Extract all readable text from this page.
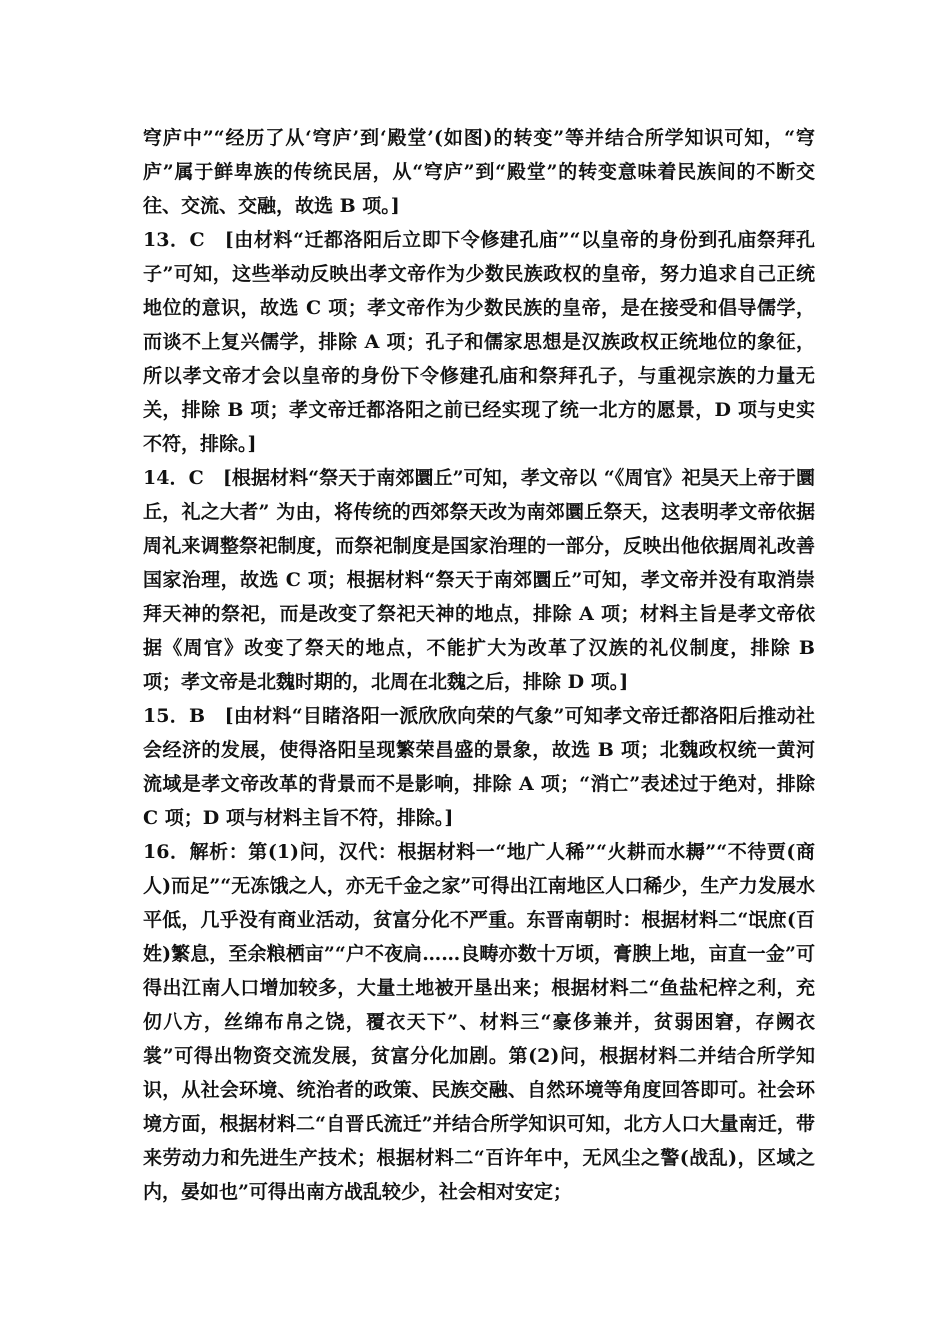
穹庐中”“经历了从‘穹庐’到‘殿堂’(如图)的转变”等并结合所学知识可知，“穹庐”属于鲜卑族的传统民居，从“穹庐”到“殿堂”的转变意味着民族间的不断交往、交流、交融，故选 B 项。]

13．C　[由材料“迁都洛阳后立即下令修建孔庙”“以皇帝的身份到孔庙祭拜孔子”可知，这些举动反映出孝文帝作为少数民族政权的皇帝，努力追求自己正统地位的意识，故选 C 项；孝文帝作为少数民族的皇帝，是在接受和倡导儒学，而谈不上复兴儒学，排除 A 项；孔子和儒家思想是汉族政权正统地位的象征，所以孝文帝才会以皇帝的身份下令修建孔庙和祭拜孔子，与重视宗族的力量无关，排除 B 项；孝文帝迁都洛阳之前已经实现了统一北方的愿景，D 项与史实不符，排除。]

14．C　[根据材料“祭天于南郊圜丘”可知，孝文帝以 “《周官》祀昊天上帝于圜丘，礼之大者” 为由，将传统的西郊祭天改为南郊圜丘祭天，这表明孝文帝依据周礼来调整祭祀制度，而祭祀制度是国家治理的一部分，反映出他依据周礼改善国家治理，故选 C 项；根据材料“祭天于南郊圜丘”可知，孝文帝并没有取消崇拜天神的祭祀，而是改变了祭祀天神的地点，排除 A 项；材料主旨是孝文帝依据《周官》改变了祭天的地点，不能扩大为改革了汉族的礼仪制度，排除 B 项；孝文帝是北魏时期的，北周在北魏之后，排除 D 项。]

15．B　[由材料“目睹洛阳一派欣欣向荣的气象”可知孝文帝迁都洛阳后推动社会经济的发展，使得洛阳呈现繁荣昌盛的景象，故选 B 项；北魏政权统一黄河流域是孝文帝改革的背景而不是影响，排除 A 项；“消亡”表述过于绝对，排除 C 项；D 项与材料主旨不符，排除。]

16．解析：第(1)问，汉代：根据材料一“地广人稀”“火耕而水耨”“不待贾(商人)而足”“无冻饿之人，亦无千金之家”可得出江南地区人口稀少，生产力发展水平低，几乎没有商业活动，贫富分化不严重。东晋南朝时：根据材料二“氓庶(百姓)繁息，至余粮栖亩”“户不夜扃……良畴亦数十万顷，膏腴上地，亩直一金”可得出江南人口增加较多，大量土地被开垦出来；根据材料二“鱼盐杞梓之利，充仞八方，丝绵布帛之饶，覆衣天下”、材料三“豪侈兼并，贫弱困窘，存阙衣裳”可得出物资交流发展，贫富分化加剧。第(2)问，根据材料二并结合所学知识，从社会环境、统治者的政策、民族交融、自然环境等角度回答即可。社会环境方面，根据材料二“自晋氏流迁”并结合所学知识可知，北方人口大量南迁，带来劳动力和先进生产技术；根据材料二“百许年中，无风尘之警(战乱)，区域之内，晏如也”可得出南方战乱较少，社会相对安定；
